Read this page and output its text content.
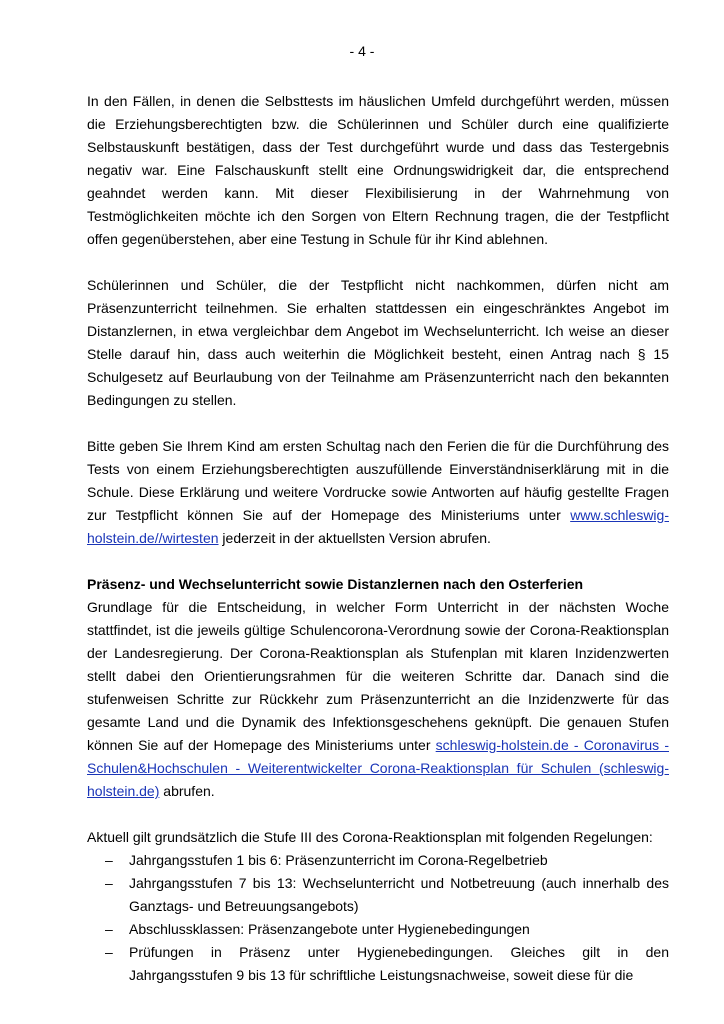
- 4 -

In den Fällen, in denen die Selbsttests im häuslichen Umfeld durchgeführt werden, müssen die Erziehungsberechtigten bzw. die Schülerinnen und Schüler durch eine qualifizierte Selbstauskunft bestätigen, dass der Test durchgeführt wurde und dass das Testergebnis negativ war. Eine Falschauskunft stellt eine Ordnungswidrigkeit dar, die entsprechend geahndet werden kann. Mit dieser Flexibilisierung in der Wahrnehmung von Testmöglichkeiten möchte ich den Sorgen von Eltern Rechnung tragen, die der Testpflicht offen gegenüberstehen, aber eine Testung in Schule für ihr Kind ablehnen.

Schülerinnen und Schüler, die der Testpflicht nicht nachkommen, dürfen nicht am Präsenzunterricht teilnehmen. Sie erhalten stattdessen ein eingeschränktes Angebot im Distanzlernen, in etwa vergleichbar dem Angebot im Wechselunterricht. Ich weise an dieser Stelle darauf hin, dass auch weiterhin die Möglichkeit besteht, einen Antrag nach § 15 Schulgesetz auf Beurlaubung von der Teilnahme am Präsenzunterricht nach den bekannten Bedingungen zu stellen.

Bitte geben Sie Ihrem Kind am ersten Schultag nach den Ferien die für die Durchführung des Tests von einem Erziehungsberechtigten auszufüllende Einverständniserklärung mit in die Schule. Diese Erklärung und weitere Vordrucke sowie Antworten auf häufig gestellte Fragen zur Testpflicht können Sie auf der Homepage des Ministeriums unter www.schleswig-holstein.de//wirtesten jederzeit in der aktuellsten Version abrufen.

Präsenz- und Wechselunterricht sowie Distanzlernen nach den Osterferien

Grundlage für die Entscheidung, in welcher Form Unterricht in der nächsten Woche stattfindet, ist die jeweils gültige Schulencorona-Verordnung sowie der Corona-Reaktionsplan der Landesregierung. Der Corona-Reaktionsplan als Stufenplan mit klaren Inzidenzwerten stellt dabei den Orientierungsrahmen für die weiteren Schritte dar. Danach sind die stufenweisen Schritte zur Rückkehr zum Präsenzunterricht an die Inzidenzwerte für das gesamte Land und die Dynamik des Infektionsgeschehens geknüpft. Die genauen Stufen können Sie auf der Homepage des Ministeriums unter schleswig-holstein.de - Coronavirus - Schulen&Hochschulen - Weiterentwickelter Corona-Reaktionsplan für Schulen (schleswig-holstein.de) abrufen.

Aktuell gilt grundsätzlich die Stufe III des Corona-Reaktionsplan mit folgenden Regelungen:

– Jahrgangsstufen 1 bis 6: Präsenzunterricht im Corona-Regelbetrieb
– Jahrgangsstufen 7 bis 13: Wechselunterricht und Notbetreuung (auch innerhalb des Ganztags- und Betreuungsangebots)
– Abschlussklassen: Präsenzangebote unter Hygienebedingungen
– Prüfungen in Präsenz unter Hygienebedingungen. Gleiches gilt in den Jahrgangsstufen 9 bis 13 für schriftliche Leistungsnachweise, soweit diese für die
